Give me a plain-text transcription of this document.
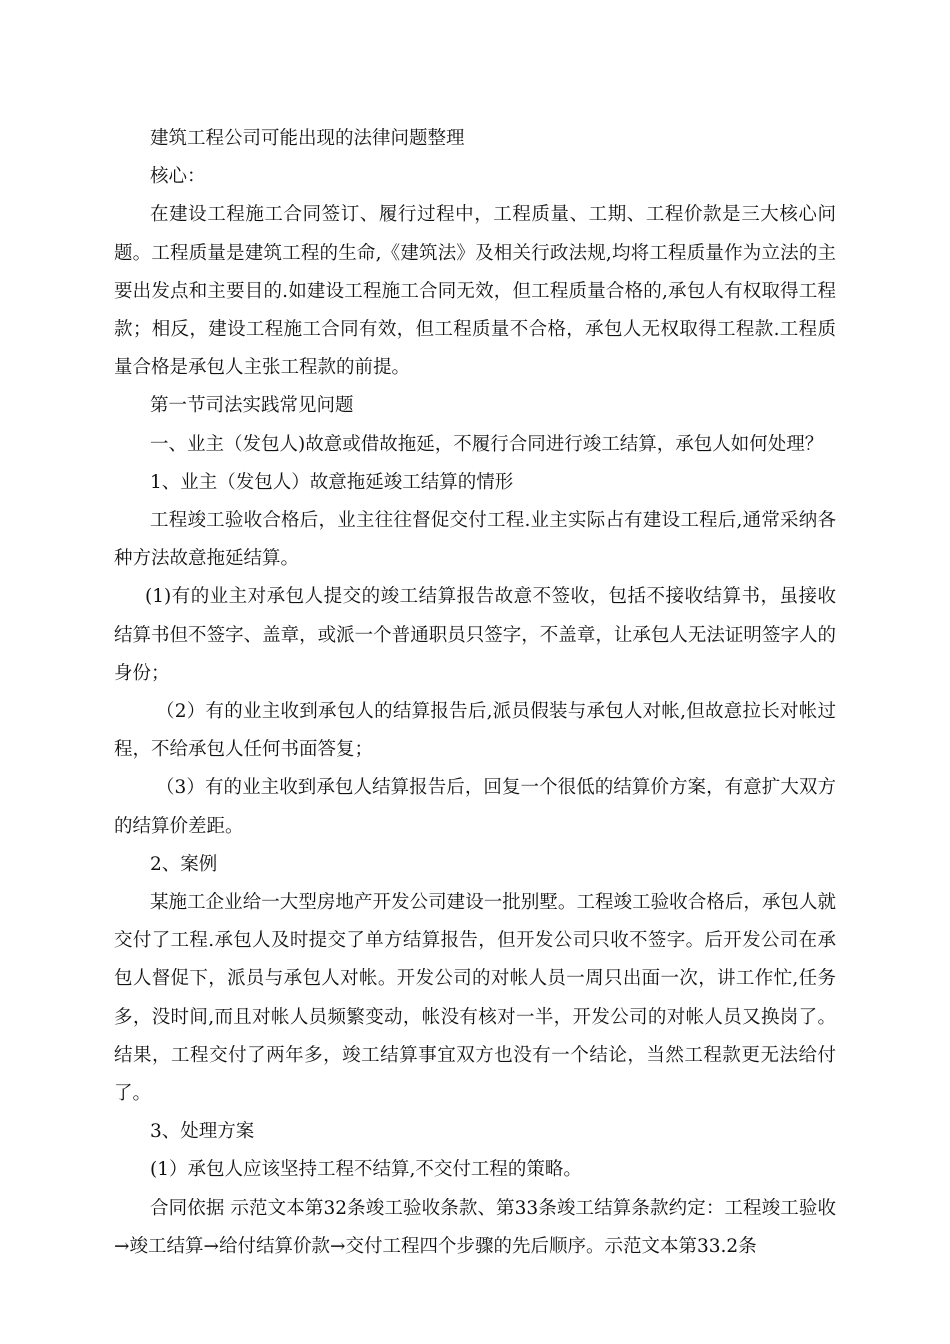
建筑工程公司可能出现的法律问题整理

核心：

在建设工程施工合同签订、履行过程中，工程质量、工期、工程价款是三大核心问题。工程质量是建筑工程的生命,《建筑法》及相关行政法规,均将工程质量作为立法的主要出发点和主要目的.如建设工程施工合同无效，但工程质量合格的,承包人有权取得工程款；相反，建设工程施工合同有效，但工程质量不合格，承包人无权取得工程款.工程质量合格是承包人主张工程款的前提。

第一节司法实践常见问题

一、业主（发包人)故意或借故拖延，不履行合同进行竣工结算，承包人如何处理？

1、业主（发包人）故意拖延竣工结算的情形

工程竣工验收合格后，业主往往督促交付工程.业主实际占有建设工程后,通常采纳各种方法故意拖延结算。

(1)有的业主对承包人提交的竣工结算报告故意不签收，包括不接收结算书，虽接收结算书但不签字、盖章，或派一个普通职员只签字，不盖章，让承包人无法证明签字人的身份；

（2）有的业主收到承包人的结算报告后,派员假装与承包人对帐,但故意拉长对帐过程，不给承包人任何书面答复；

（3）有的业主收到承包人结算报告后，回复一个很低的结算价方案，有意扩大双方的结算价差距。

2、案例

某施工企业给一大型房地产开发公司建设一批别墅。工程竣工验收合格后，承包人就交付了工程.承包人及时提交了单方结算报告，但开发公司只收不签字。后开发公司在承包人督促下，派员与承包人对帐。开发公司的对帐人员一周只出面一次，讲工作忙,任务多，没时间,而且对帐人员频繁变动，帐没有核对一半，开发公司的对帐人员又换岗了。结果，工程交付了两年多，竣工结算事宜双方也没有一个结论，当然工程款更无法给付了。

3、处理方案

(1）承包人应该坚持工程不结算,不交付工程的策略。

合同依据 示范文本第32条竣工验收条款、第33条竣工结算条款约定：工程竣工验收→竣工结算→给付结算价款→交付工程四个步骤的先后顺序。示范文本第33.2条
